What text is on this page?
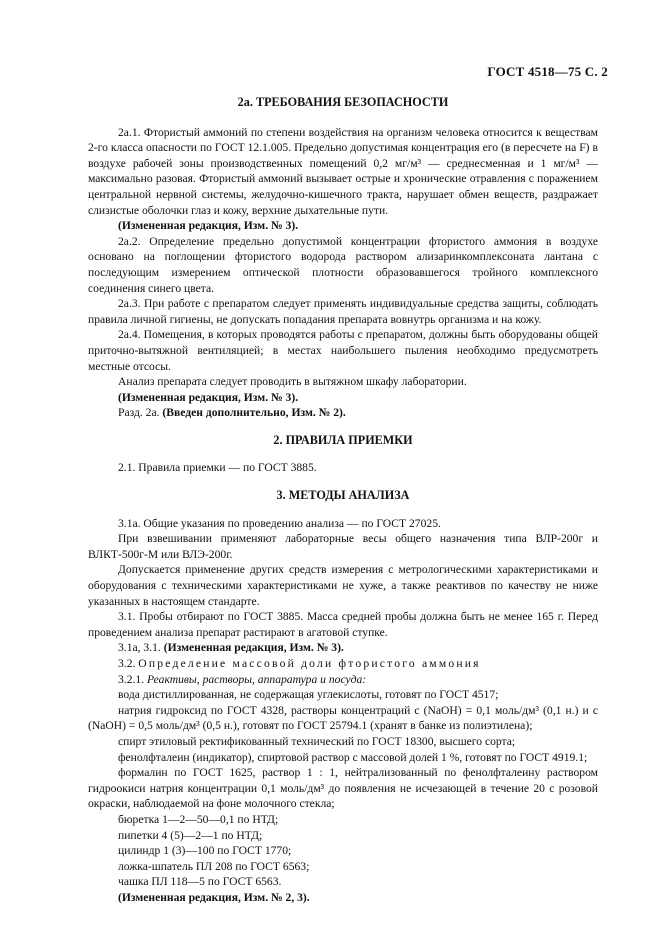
ГОСТ 4518—75 С. 2

2а. ТРЕБОВАНИЯ БЕЗОПАСНОСТИ

2а.1. Фтористый аммоний по степени воздействия на организм человека относится к веществам 2-го класса опасности по ГОСТ 12.1.005. Предельно допустимая концентрация его (в пересчете на F) в воздухе рабочей зоны производственных помещений 0,2 мг/м³ — среднесменная и 1 мг/м³ — максимально разовая. Фтористый аммоний вызывает острые и хронические отравления с поражением центральной нервной системы, желудочно-кишечного тракта, нарушает обмен веществ, раздражает слизистые оболочки глаз и кожу, верхние дыхательные пути.

(Измененная редакция, Изм. № 3).

2а.2. Определение предельно допустимой концентрации фтористого аммония в воздухе основано на поглощении фтористого водорода раствором ализаринкомплексоната лантана с последующим измерением оптической плотности образовавшегося тройного комплексного соединения синего цвета.

2а.3. При работе с препаратом следует применять индивидуальные средства защиты, соблюдать правила личной гигиены, не допускать попадания препарата вовнутрь организма и на кожу.

2а.4. Помещения, в которых проводятся работы с препаратом, должны быть оборудованы общей приточно-вытяжной вентиляцией; в местах наибольшего пыления необходимо предусмотреть местные отсосы.

Анализ препарата следует проводить в вытяжном шкафу лаборатории.

(Измененная редакция, Изм. № 3).

Разд. 2а. (Введен дополнительно, Изм. № 2).

2. ПРАВИЛА ПРИЕМКИ

2.1. Правила приемки — по ГОСТ 3885.

3. МЕТОДЫ АНАЛИЗА

3.1а. Общие указания по проведению анализа — по ГОСТ 27025.

При взвешивании применяют лабораторные весы общего назначения типа ВЛР-200г и ВЛКТ-500г-М или ВЛЭ-200г.

Допускается применение других средств измерения с метрологическими характеристиками и оборудования с техническими характеристиками не хуже, а также реактивов по качеству не ниже указанных в настоящем стандарте.

3.1. Пробы отбирают по ГОСТ 3885. Масса средней пробы должна быть не менее 165 г. Перед проведением анализа препарат растирают в агатовой ступке.

3.1а, 3.1. (Измененная редакция, Изм. № 3).

3.2. Определение массовой доли фтористого аммония

3.2.1. Реактивы, растворы, аппаратура и посуда:

вода дистиллированная, не содержащая углекислоты, готовят по ГОСТ 4517;

натрия гидроксид по ГОСТ 4328, растворы концентраций с (NaOH) = 0,1 моль/дм³ (0,1 н.) и с (NaOH) = 0,5 моль/дм³ (0,5 н.), готовят по ГОСТ 25794.1 (хранят в банке из полиэтилена);

спирт этиловый ректификованный технический по ГОСТ 18300, высшего сорта;

фенолфталеин (индикатор), спиртовой раствор с массовой долей 1 %, готовят по ГОСТ 4919.1;

формалин по ГОСТ 1625, раствор 1 : 1, нейтрализованный по фенолфталеину раствором гидроокиси натрия концентрации 0,1 моль/дм³ до появления не исчезающей в течение 20 с розовой окраски, наблюдаемой на фоне молочного стекла;

бюретка 1—2—50—0,1 по НТД;

пипетки 4 (5)—2—1 по НТД;

цилиндр 1 (3)—100 по ГОСТ 1770;

ложка-шпатель ПЛ 208 по ГОСТ 6563;

чашка ПЛ 118—5 по ГОСТ 6563.

(Измененная редакция, Изм. № 2, 3).
